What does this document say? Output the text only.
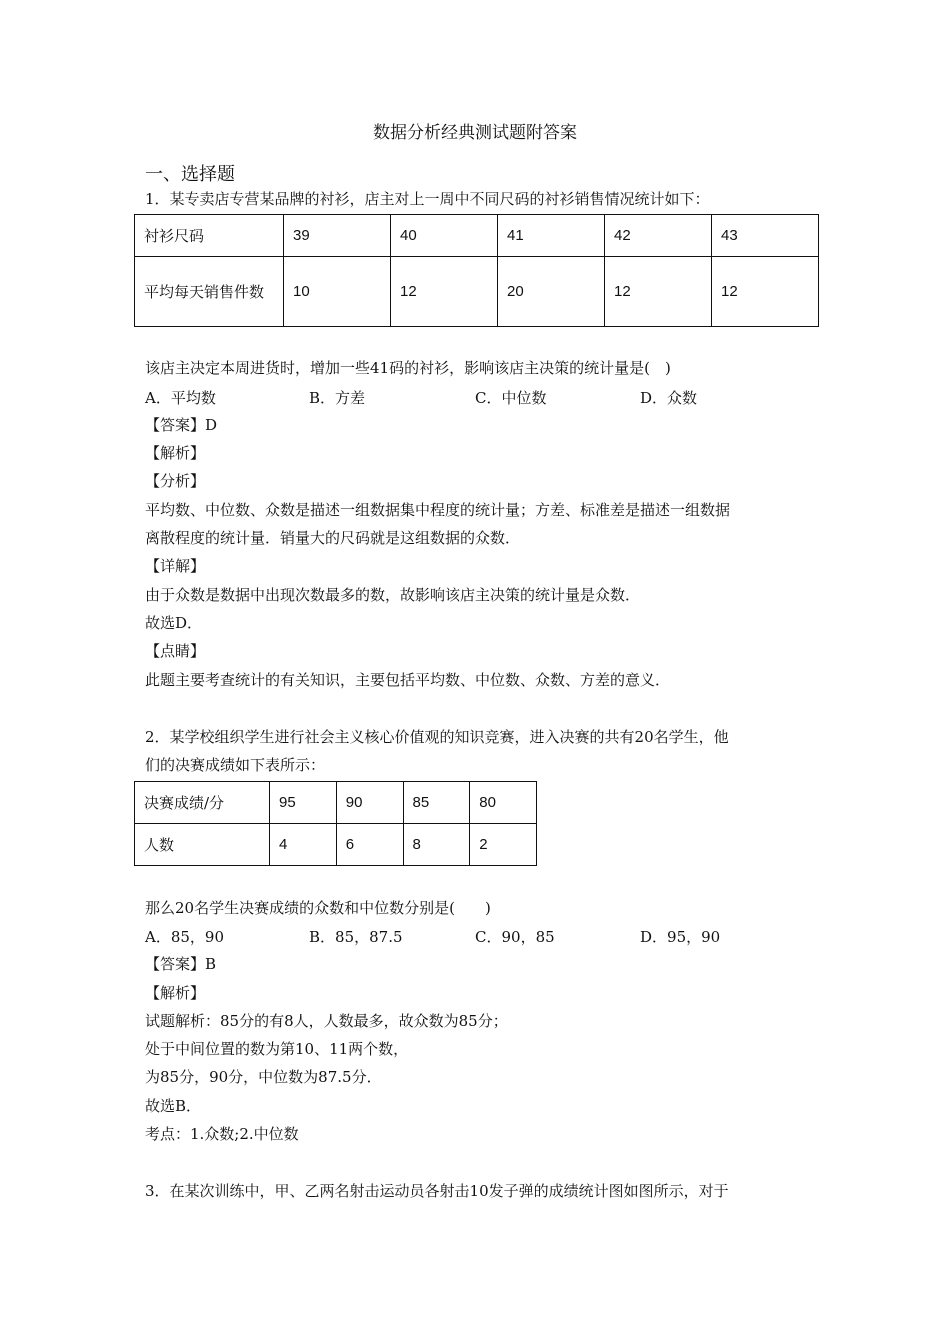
数据分析经典测试题附答案
一、选择题
1．某专卖店专营某品牌的衬衫，店主对上一周中不同尺码的衬衫销售情况统计如下：
衬衫尺码	39	40	41	42	43
平均每天销售件数	10	12	20	12	12
该店主决定本周进货时，增加一些41码的衬衫，影响该店主决策的统计量是(　)
A．平均数	B．方差	C．中位数	D．众数
【答案】D
【解析】
【分析】
平均数、中位数、众数是描述一组数据集中程度的统计量；方差、标准差是描述一组数据
离散程度的统计量．销量大的尺码就是这组数据的众数．
【详解】
由于众数是数据中出现次数最多的数，故影响该店主决策的统计量是众数．
故选D．
【点睛】
此题主要考查统计的有关知识，主要包括平均数、中位数、众数、方差的意义．
2．某学校组织学生进行社会主义核心价值观的知识竞赛，进入决赛的共有20名学生，他
们的决赛成绩如下表所示：
决赛成绩/分	95	90	85	80
人数	4	6	8	2
那么20名学生决赛成绩的众数和中位数分别是(　　)
A．85，90	B．85，87.5	C．90，85	D．95，90
【答案】B
【解析】
试题解析：85分的有8人，人数最多，故众数为85分；
处于中间位置的数为第10、11两个数，
为85分，90分，中位数为87.5分．
故选B．
考点：1.众数;2.中位数
3．在某次训练中，甲、乙两名射击运动员各射击10发子弹的成绩统计图如图所示，对于
